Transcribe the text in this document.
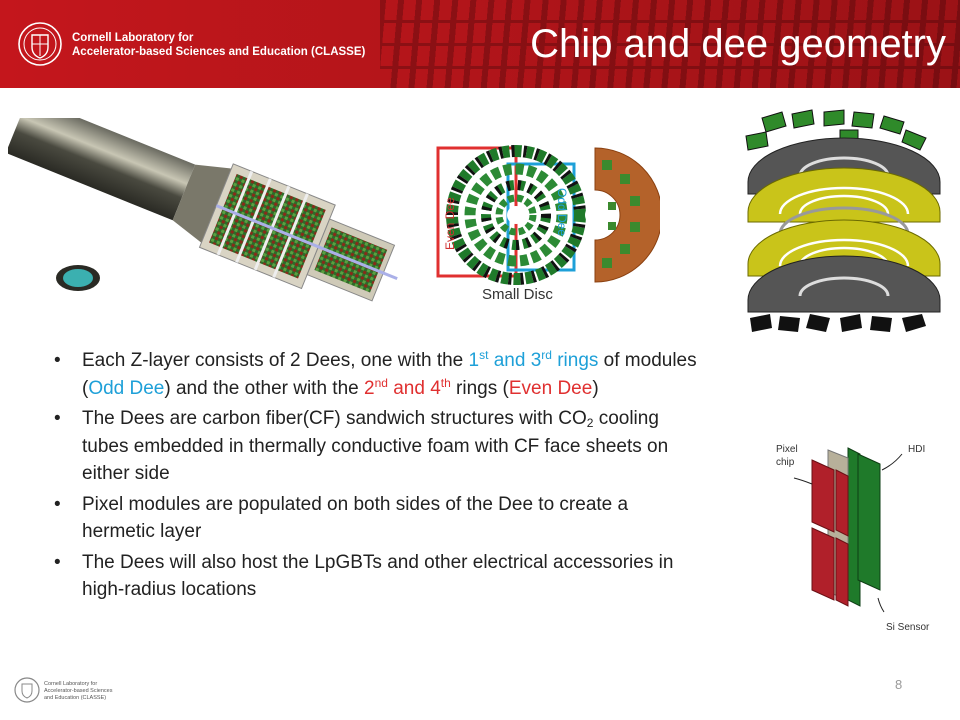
Cornell Laboratory for
Accelerator-based Sciences and Education (CLASSE)	Chip and dee geometry
Even Dee	Odd Dee
Small Disc
Pixel
chip
HDI
Si Sensor
• Each Z-layer consists of 2 Dees, one with the 1st and 3rd rings of modules (Odd Dee) and the other with the 2nd and 4th rings (Even Dee)
• The Dees are carbon fiber(CF) sandwich structures with $CO_2$ cooling tubes embedded in thermally conductive foam with CF face sheets on either side
• Pixel modules are populated on both sides of the Dee to create a hermetic layer
• The Dees will also host the LpGBTs and other electrical accessories in high-radius locations
Cornell Laboratory for
Accelerator-based Sciences
and Education (CLASSE)
8
